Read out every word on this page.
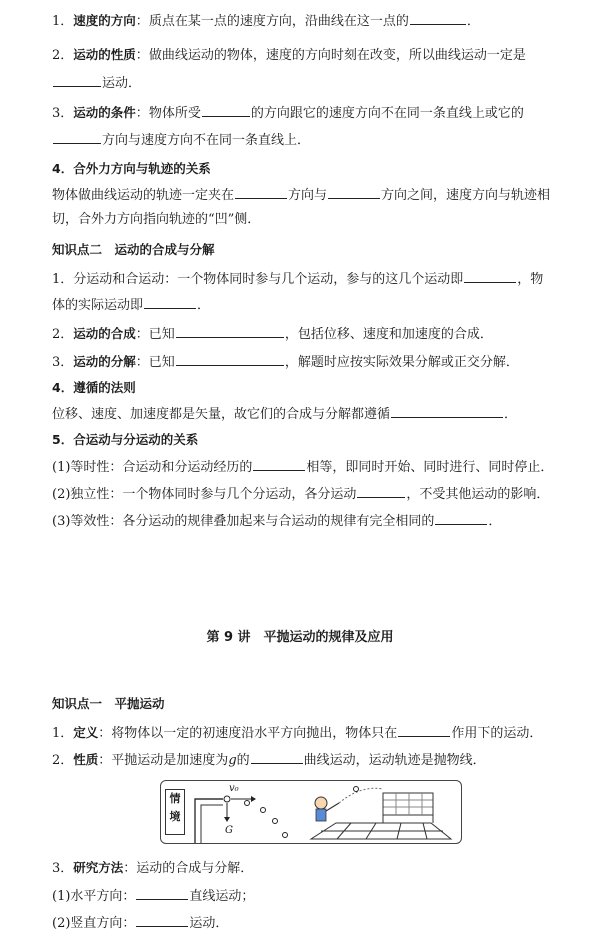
1．速度的方向：质点在某一点的速度方向，沿曲线在这一点的	．
2．运动的性质：做曲线运动的物体，速度的方向时刻在改变，所以曲线运动一定是
运动．
3．运动的条件：物体所受	的方向跟它的速度方向不在同一条直线上或它的
方向与速度方向不在同一条直线上．
4．合外力方向与轨迹的关系
物体做曲线运动的轨迹一定夹在	方向与	方向之间，速度方向与轨迹相
切，合外力方向指向轨迹的“凹”侧．
知识点二　运动的合成与分解
1．分运动和合运动：一个物体同时参与几个运动，参与的这几个运动即	，物
体的实际运动即	．
2．运动的合成：已知	，包括位移、速度和加速度的合成．
3．运动的分解：已知	，解题时应按实际效果分解或正交分解．
4．遵循的法则
位移、速度、加速度都是矢量，故它们的合成与分解都遵循	．
5．合运动与分运动的关系
(1)等时性：合运动和分运动经历的	相等，即同时开始、同时进行、同时停止．
(2)独立性：一个物体同时参与几个分运动，各分运动	，不受其他运动的影响．
(3)等效性：各分运动的规律叠加起来与合运动的规律有完全相同的	．
第 9 讲　平抛运动的规律及应用
知识点一　平抛运动
1．定义：将物体以一定的初速度沿水平方向抛出，物体只在	作用下的运动．
2．性质：平抛运动是加速度为g的	曲线运动，运动轨迹是抛物线．
情
境
v₀
G
3．研究方法：运动的合成与分解．
(1)水平方向：	直线运动；
(2)竖直方向：	运动．
